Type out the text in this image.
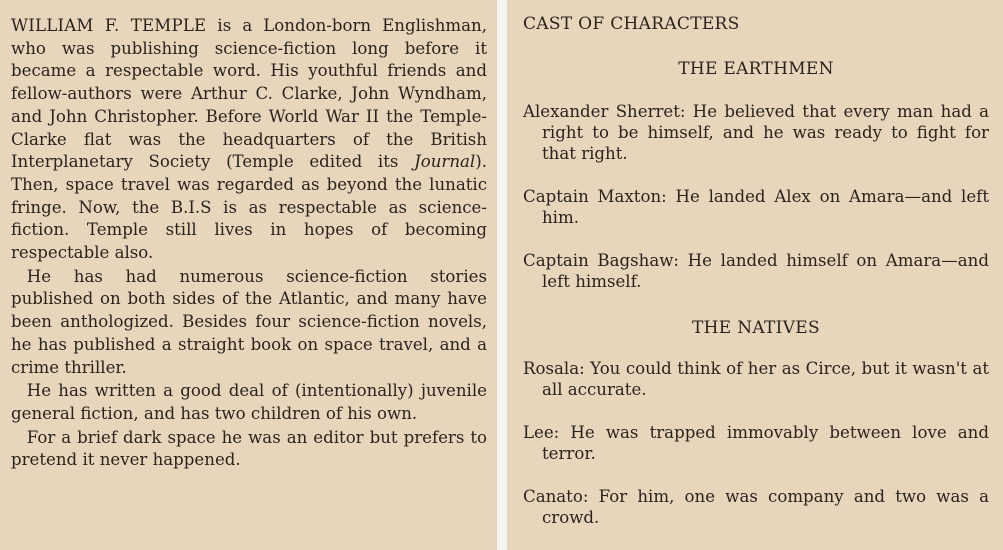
WILLIAM F. TEMPLE is a London-born Englishman, who was publishing science-fiction long before it became a respectable word. His youthful friends and fellow-authors were Arthur C. Clarke, John Wyndham, and John Christopher. Before World War II the Temple-Clarke flat was the headquarters of the British Interplanetary Society (Temple edited its Journal). Then, space travel was regarded as beyond the lunatic fringe. Now, the B.I.S is as respectable as science-fiction. Temple still lives in hopes of becoming respectable also.

He has had numerous science-fiction stories published on both sides of the Atlantic, and many have been anthologized. Besides four science-fiction novels, he has published a straight book on space travel, and a crime thriller.

He has written a good deal of (intentionally) juvenile general fiction, and has two children of his own.

For a brief dark space he was an editor but prefers to pretend it never happened.

CAST OF CHARACTERS
THE EARTHMEN

Alexander Sherret: He believed that every man had a right to be himself, and he was ready to fight for that right.

Captain Maxton: He landed Alex on Amara—and left him.

Captain Bagshaw: He landed himself on Amara—and left himself.

THE NATIVES

Rosala: You could think of her as Circe, but it wasn't at all accurate.

Lee: He was trapped immovably between love and terror.

Canato: For him, one was company and two was a crowd.
